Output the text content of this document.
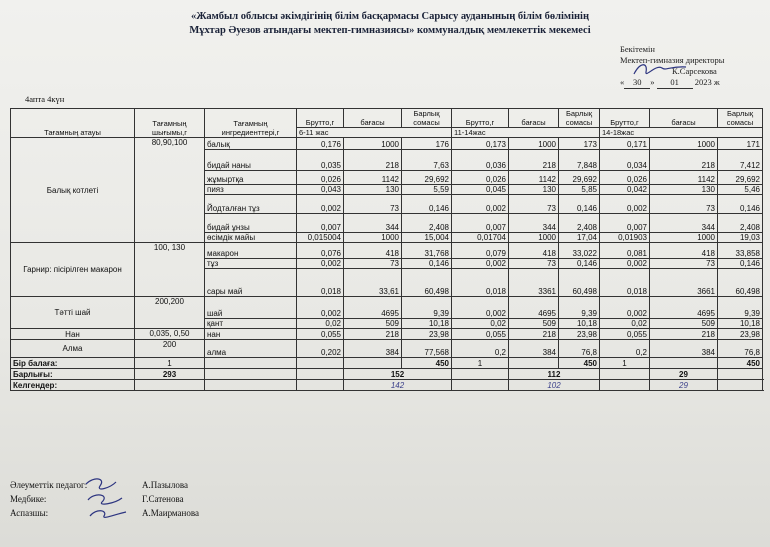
«Жамбыл облысы әкімдігінің білім басқармасы Сарысу ауданының білім бөлімінің
Мұхтар Әуезов атындағы мектеп-гимназиясы» коммуналдық мемлекеттік мекемесі
Бекітемін
Мектеп-гимназия директоры
К.Сарсекова
« 30 » 01 2023 ж
4апта 4күн
Тағамның атауы	Тағамның шығымы,г	Тағамның ингредиенттері,г	Брутто,г	бағасы	Барлық сомасы	Брутто,г	бағасы	Барлық сомасы	Брутто,г	бағасы	Барлық сомасы
			6-11 жас			11-14жас			14-18жас		
Балық котлеті	80,90,100	балық	0,176	1000	176	0,173	1000	173	0,171	1000	171
		бидай наны	0,035	218	7,63	0,036	218	7,848	0,034	218	7,412
		жұмыртқа	0,026	1142	29,692	0,026	1142	29,692	0,026	1142	29,692
		пияз	0,043	130	5,59	0,045	130	5,85	0,042	130	5,46
		Йодталған тұз	0,002	73	0,146	0,002	73	0,146	0,002	73	0,146
		бидай ұнзы	0,007	344	2,408	0,007	344	2,408	0,007	344	2,408
		өсімдік майы	0,015004	1000	15,004	0,01704	1000	17,04	0,01903	1000	19,03
Гарнир: пісірілген макарон	100, 130	макарон	0,076	418	31,768	0,079	418	33,022	0,081	418	33,858
		тұз	0,002	73	0,146	0,002	73	0,146	0,002	73	0,146
		сары май	0,018	33,61	60,498	0,018	3361	60,498	0,018	3661	60,498
Тәтті шай	200,200	шай	0,002	4695	9,39	0,002	4695	9,39	0,002	4695	9,39
		қант	0,02	509	10,18	0,02	509	10,18	0,02	509	10,18
Нан	0,035, 0,50	нан	0,055	218	23,98	0,055	218	23,98	0,055	218	23,98
Алма	200	алма	0,202	384	77,568	0,2	384	76,8	0,2	384	76,8
Бір балаға:	1				450	1		450	1		450
Барлығы:	293			152			112			29	
Келгендер:				142			102			29	
Әлеуметтік педагог:	А.Пазылова
Медбике:	Г.Сатенова
Аспазшы:	А.Маирманова
